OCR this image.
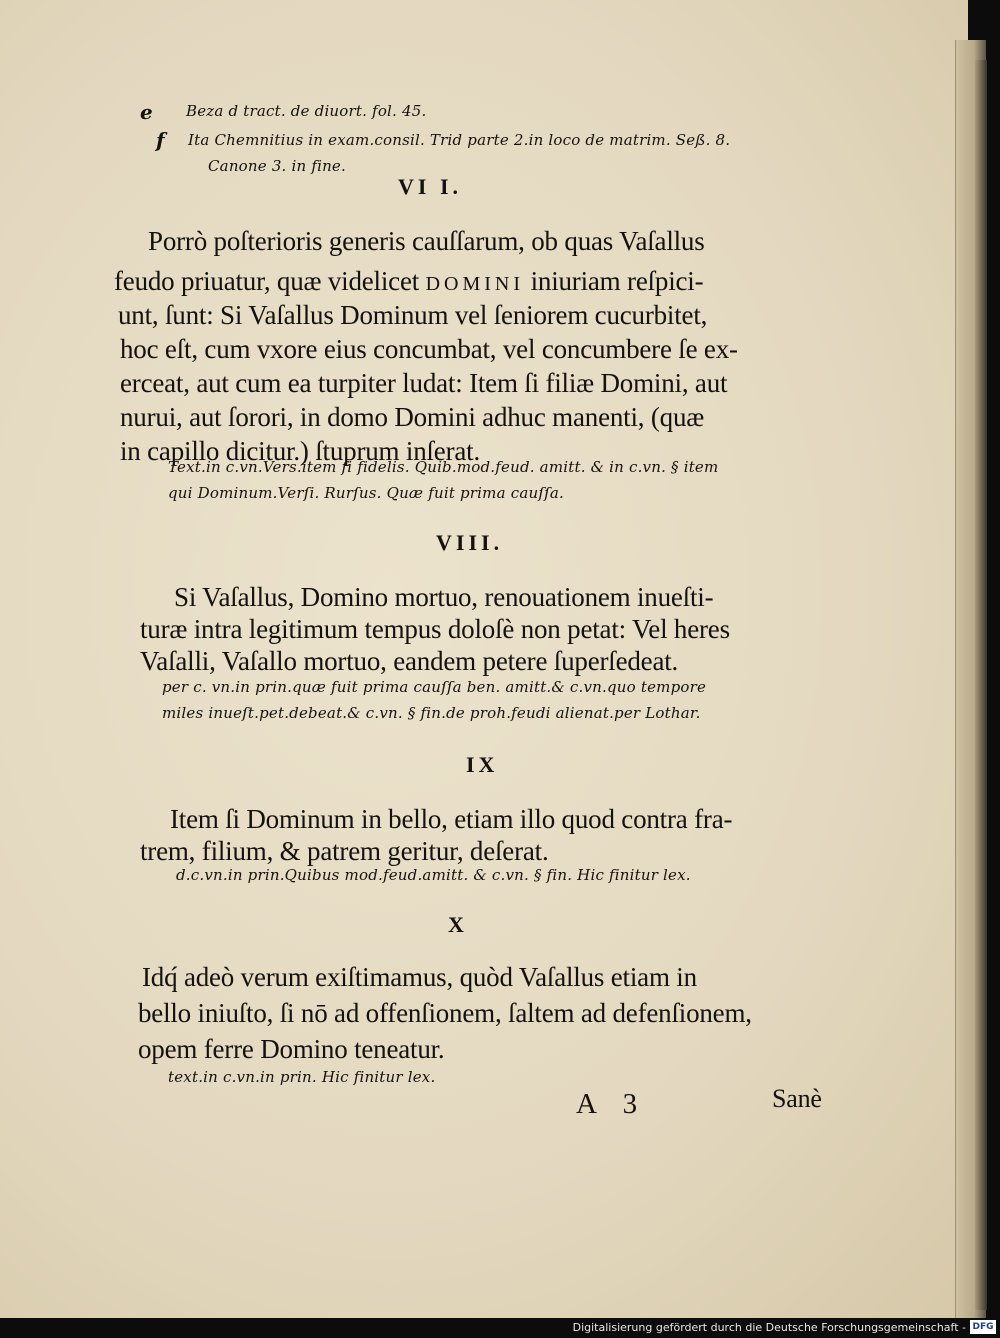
e Beza d tract. de diuort. fol. 45.
f Ita Chemnitius in exam.consil. Trid parte 2.in loco de matrim. Seß. 8.
Canone 3. in fine.
VI I.
Porrò poſterioris generis cauſſarum, ob quas Vaſallus
feudo priuatur, quæ videlicet DOMINI iniuriam reſpici-
unt, ſunt: Si Vaſallus Dominum vel ſeniorem cucurbitet,
hoc eſt, cum vxore eius concumbat, vel concumbere ſe ex-
erceat, aut cum ea turpiter ludat: Item ſi filiæ Domini, aut
nurui, aut ſorori, in domo Domini adhuc manenti, (quæ
in capillo dicitur.) ſtuprum inſerat.
Text.in c.vn.Vers.item ſi fidelis. Quib.mod.feud. amitt. & in c.vn. § item
qui Dominum.Verſi. Rurſus. Quæ fuit prima cauſſa.
VIII.
Si Vaſallus, Domino mortuo, renouationem inueſti-
turæ intra legitimum tempus doloſè non petat: Vel heres
Vaſalli, Vaſallo mortuo, eandem petere ſuperſedeat.
per c. vn.in prin.quæ fuit prima cauſſa ben. amitt.& c.vn.quo tempore
miles inueſt.pet.debeat.& c.vn. § fin.de proh.feudi alienat.per Lothar.
IX
Item ſi Dominum in bello, etiam illo quod contra fra-
trem, filium, & patrem geritur, deſerat.
d.c.vn.in prin.Quibus mod.feud.amitt. & c.vn. § fin. Hic finitur lex.
X
Idq́ adeò verum exiſtimamus, quòd Vaſallus etiam in
bello iniuſto, ſi nō ad offenſionem, ſaltem ad defenſionem,
opem ferre Domino teneatur.
text.in c.vn.in prin. Hic finitur lex.
A 3	Sanè
Digitalisierung gefördert durch die Deutsche Forschungsgemeinschaft - DFG
